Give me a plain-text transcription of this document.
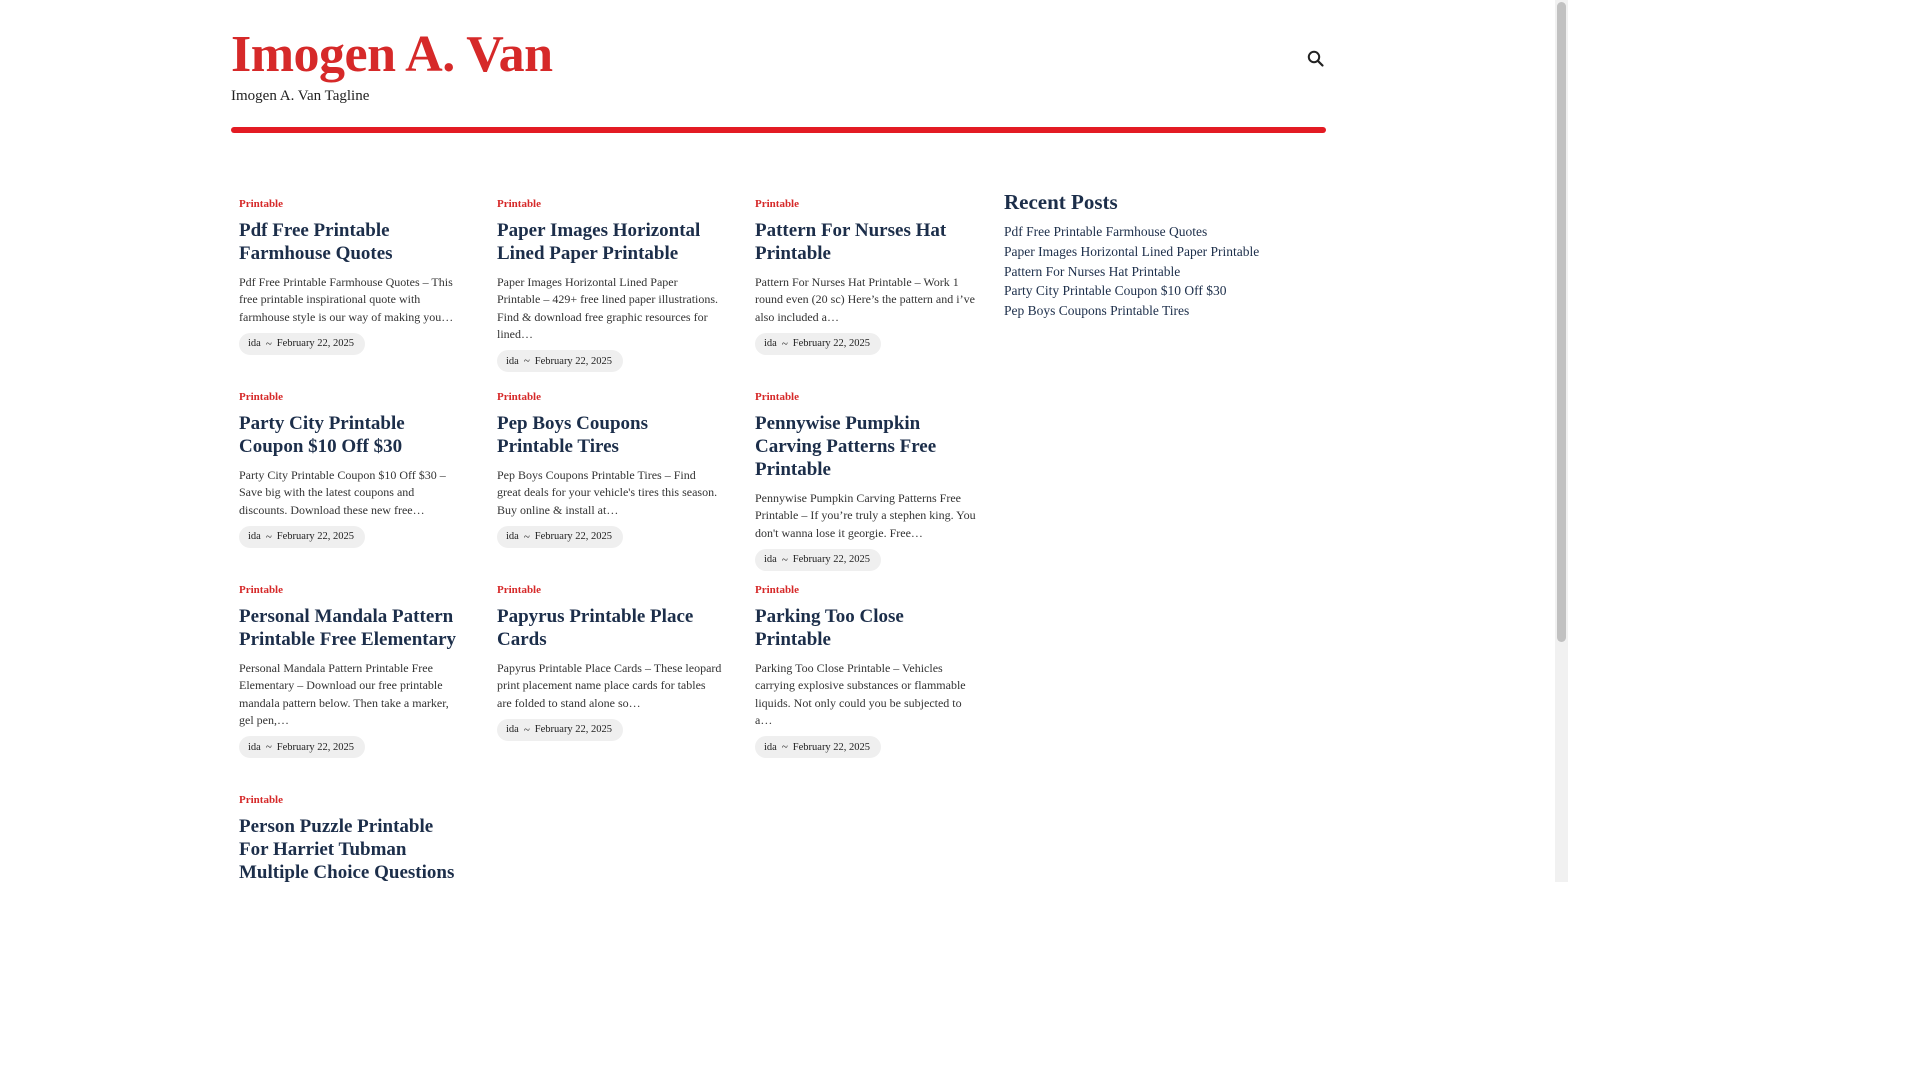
Imogen A. Van
Imogen A. Van Tagline
Printable
Pdf Free Printable Farmhouse Quotes

Pdf Free Printable Farmhouse Quotes – This free printable inspirational quote with farmhouse style is our way of making you…

ida ~ February 22, 2025
Printable
Paper Images Horizontal Lined Paper Printable

Paper Images Horizontal Lined Paper Printable – 429+ free lined paper illustrations. Find & download free graphic resources for lined…

ida ~ February 22, 2025
Printable
Pattern For Nurses Hat Printable

Pattern For Nurses Hat Printable – Work 1 round even (20 sc) Here’s the pattern and i’ve also included a…

ida ~ February 22, 2025
Printable
Party City Printable Coupon $10 Off $30

Party City Printable Coupon $10 Off $30 – Save big with the latest coupons and discounts. Download these new free…

ida ~ February 22, 2025
Printable
Pep Boys Coupons Printable Tires

Pep Boys Coupons Printable Tires – Find great deals for your vehicle's tires this season. Buy online & install at…

ida ~ February 22, 2025
Printable
Pennywise Pumpkin Carving Patterns Free Printable

Pennywise Pumpkin Carving Patterns Free Printable – If you’re truly a stephen king. You don't wanna lose it georgie. Free…

ida ~ February 22, 2025
Printable
Personal Mandala Pattern Printable Free Elementary

Personal Mandala Pattern Printable Free Elementary – Download our free printable mandala pattern below. Then take a marker, gel pen,…

ida ~ February 22, 2025
Printable
Papyrus Printable Place Cards

Papyrus Printable Place Cards – These leopard print placement name place cards for tables are folded to stand alone so…

ida ~ February 22, 2025
Printable
Parking Too Close Printable

Parking Too Close Printable – Vehicles carrying explosive substances or flammable liquids. Not only could you be subjected to a…

ida ~ February 22, 2025
Printable
Person Puzzle Printable For Harriet Tubman Multiple Choice Questions
Recent Posts
Pdf Free Printable Farmhouse Quotes
Paper Images Horizontal Lined Paper Printable
Pattern For Nurses Hat Printable
Party City Printable Coupon $10 Off $30
Pep Boys Coupons Printable Tires
